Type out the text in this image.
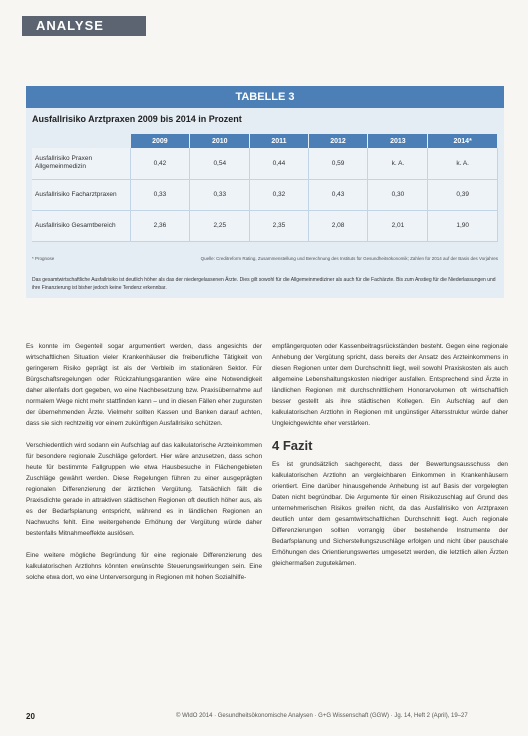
ANALYSE
TABELLE 3
Ausfallrisiko Arztpraxen 2009 bis 2014 in Prozent
	2009	2010	2011	2012	2013	2014*
Ausfallrisiko Praxen Allgemeinmedizin	0,42	0,54	0,44	0,59	k. A.	k. A.
Ausfallrisiko Facharztpraxen	0,33	0,33	0,32	0,43	0,30	0,39
Ausfallrisiko Gesamtbereich	2,36	2,25	2,35	2,08	2,01	1,90
* Prognose	Quelle: Creditreform Rating, Zusammenstellung und Berechnung des Instituts für Gesundheitsökonomik; Zahlen für 2014 auf der Basis des Vorjahres
Das gesamtwirtschaftliche Ausfallrisiko ist deutlich höher als das der niedergelassenen Ärzte. Dies gilt sowohl für die Allgemeinmediziner als auch für die Fachärzte. Bis zum Anstieg für die Niederlassungen und ihre Finanzierung ist bisher jedoch keine Tendenz erkennbar.

Es konnte im Gegenteil sogar argumentiert werden, dass angesichts der wirtschaftlichen Situation vieler Krankenhäuser die freiberufliche Tätigkeit von geringerem Risiko geprägt ist als der Verbleib im stationären Sektor. Für Bürgschaftsregelungen oder Rückzahlungsgarantien wäre eine Notwendigkeit daher allenfalls dort gegeben, wo eine Nachbesetzung bzw. Praxisübernahme auf normalem Wege nicht mehr stattfinden kann – und in diesen Fällen eher zugunsten der übernehmenden Ärzte. Vielmehr sollten Kassen und Banken darauf achten, dass sie sich rechtzeitig vor einem zukünftigen Ausfallrisiko schützen.

Verschiedentlich wird sodann ein Aufschlag auf das kalkulatorische Arzteinkommen für besondere regionale Zuschläge gefordert. Hier wäre anzusetzen, dass schon heute für bestimmte Fallgruppen wie etwa Hausbesuche in Flächengebieten Zuschläge gewährt werden. Diese Regelungen führen zu einer ausgeprägten regionalen Differenzierung der ärztlichen Vergütung. Tatsächlich fällt die Praxisdichte gerade in attraktiven städtischen Regionen oft deutlich höher aus, als es der Bedarfsplanung entspricht, während es in ländlichen Regionen an Nachwuchs fehlt. Eine weitergehende Erhöhung der Vergütung würde daher bestenfalls Mitnahmeeffekte auslösen.

Eine weitere mögliche Begründung für eine regionale Differenzierung des kalkulatorischen Arztlohns könnten erwünschte Steuerungswirkungen sein. Eine solche etwa dort, wo eine Unterversorgung in Regionen mit hohen Sozialhilfe-

empfängerquoten oder Kassenbeitragsrückständen besteht. Gegen eine regionale Anhebung der Vergütung spricht, dass bereits der Ansatz des Arzteinkommens in diesen Regionen unter dem Durchschnitt liegt, weil sowohl Praxiskosten als auch allgemeine Lebenshaltungskosten niedriger ausfallen. Entsprechend sind Ärzte in ländlichen Regionen mit durchschnittlichem Honorarvolumen oft wirtschaftlich besser gestellt als ihre städtischen Kollegen. Ein Aufschlag auf den kalkulatorischen Arztlohn in Regionen mit ungünstiger Altersstruktur würde daher Ungleichgewichte eher verstärken.

4 Fazit

Es ist grundsätzlich sachgerecht, dass der Bewertungsausschuss den kalkulatorischen Arztlohn an vergleichbaren Einkommen in Krankenhäusern orientiert. Eine darüber hinausgehende Anhebung ist auf Basis der vorgelegten Daten nicht begründbar. Die Argumente für einen Risikozuschlag auf Grund des unternehmerischen Risikos greifen nicht, da das Ausfallrisiko von Arztpraxen deutlich unter dem gesamtwirtschaftlichen Durchschnitt liegt. Auch regionale Differenzierungen sollten vorrangig über bestehende Instrumente der Bedarfsplanung und Sicherstellungszuschläge erfolgen und nicht über pauschale Erhöhungen des Orientierungswertes umgesetzt werden, die letztlich allen Ärzten gleichermaßen zugutekämen.

20	© WIdO 2014 · Gesundheitsökonomische Analysen · G+G Wissenschaft (GGW) · Jg. 14, Heft 2 (April), 19–27
